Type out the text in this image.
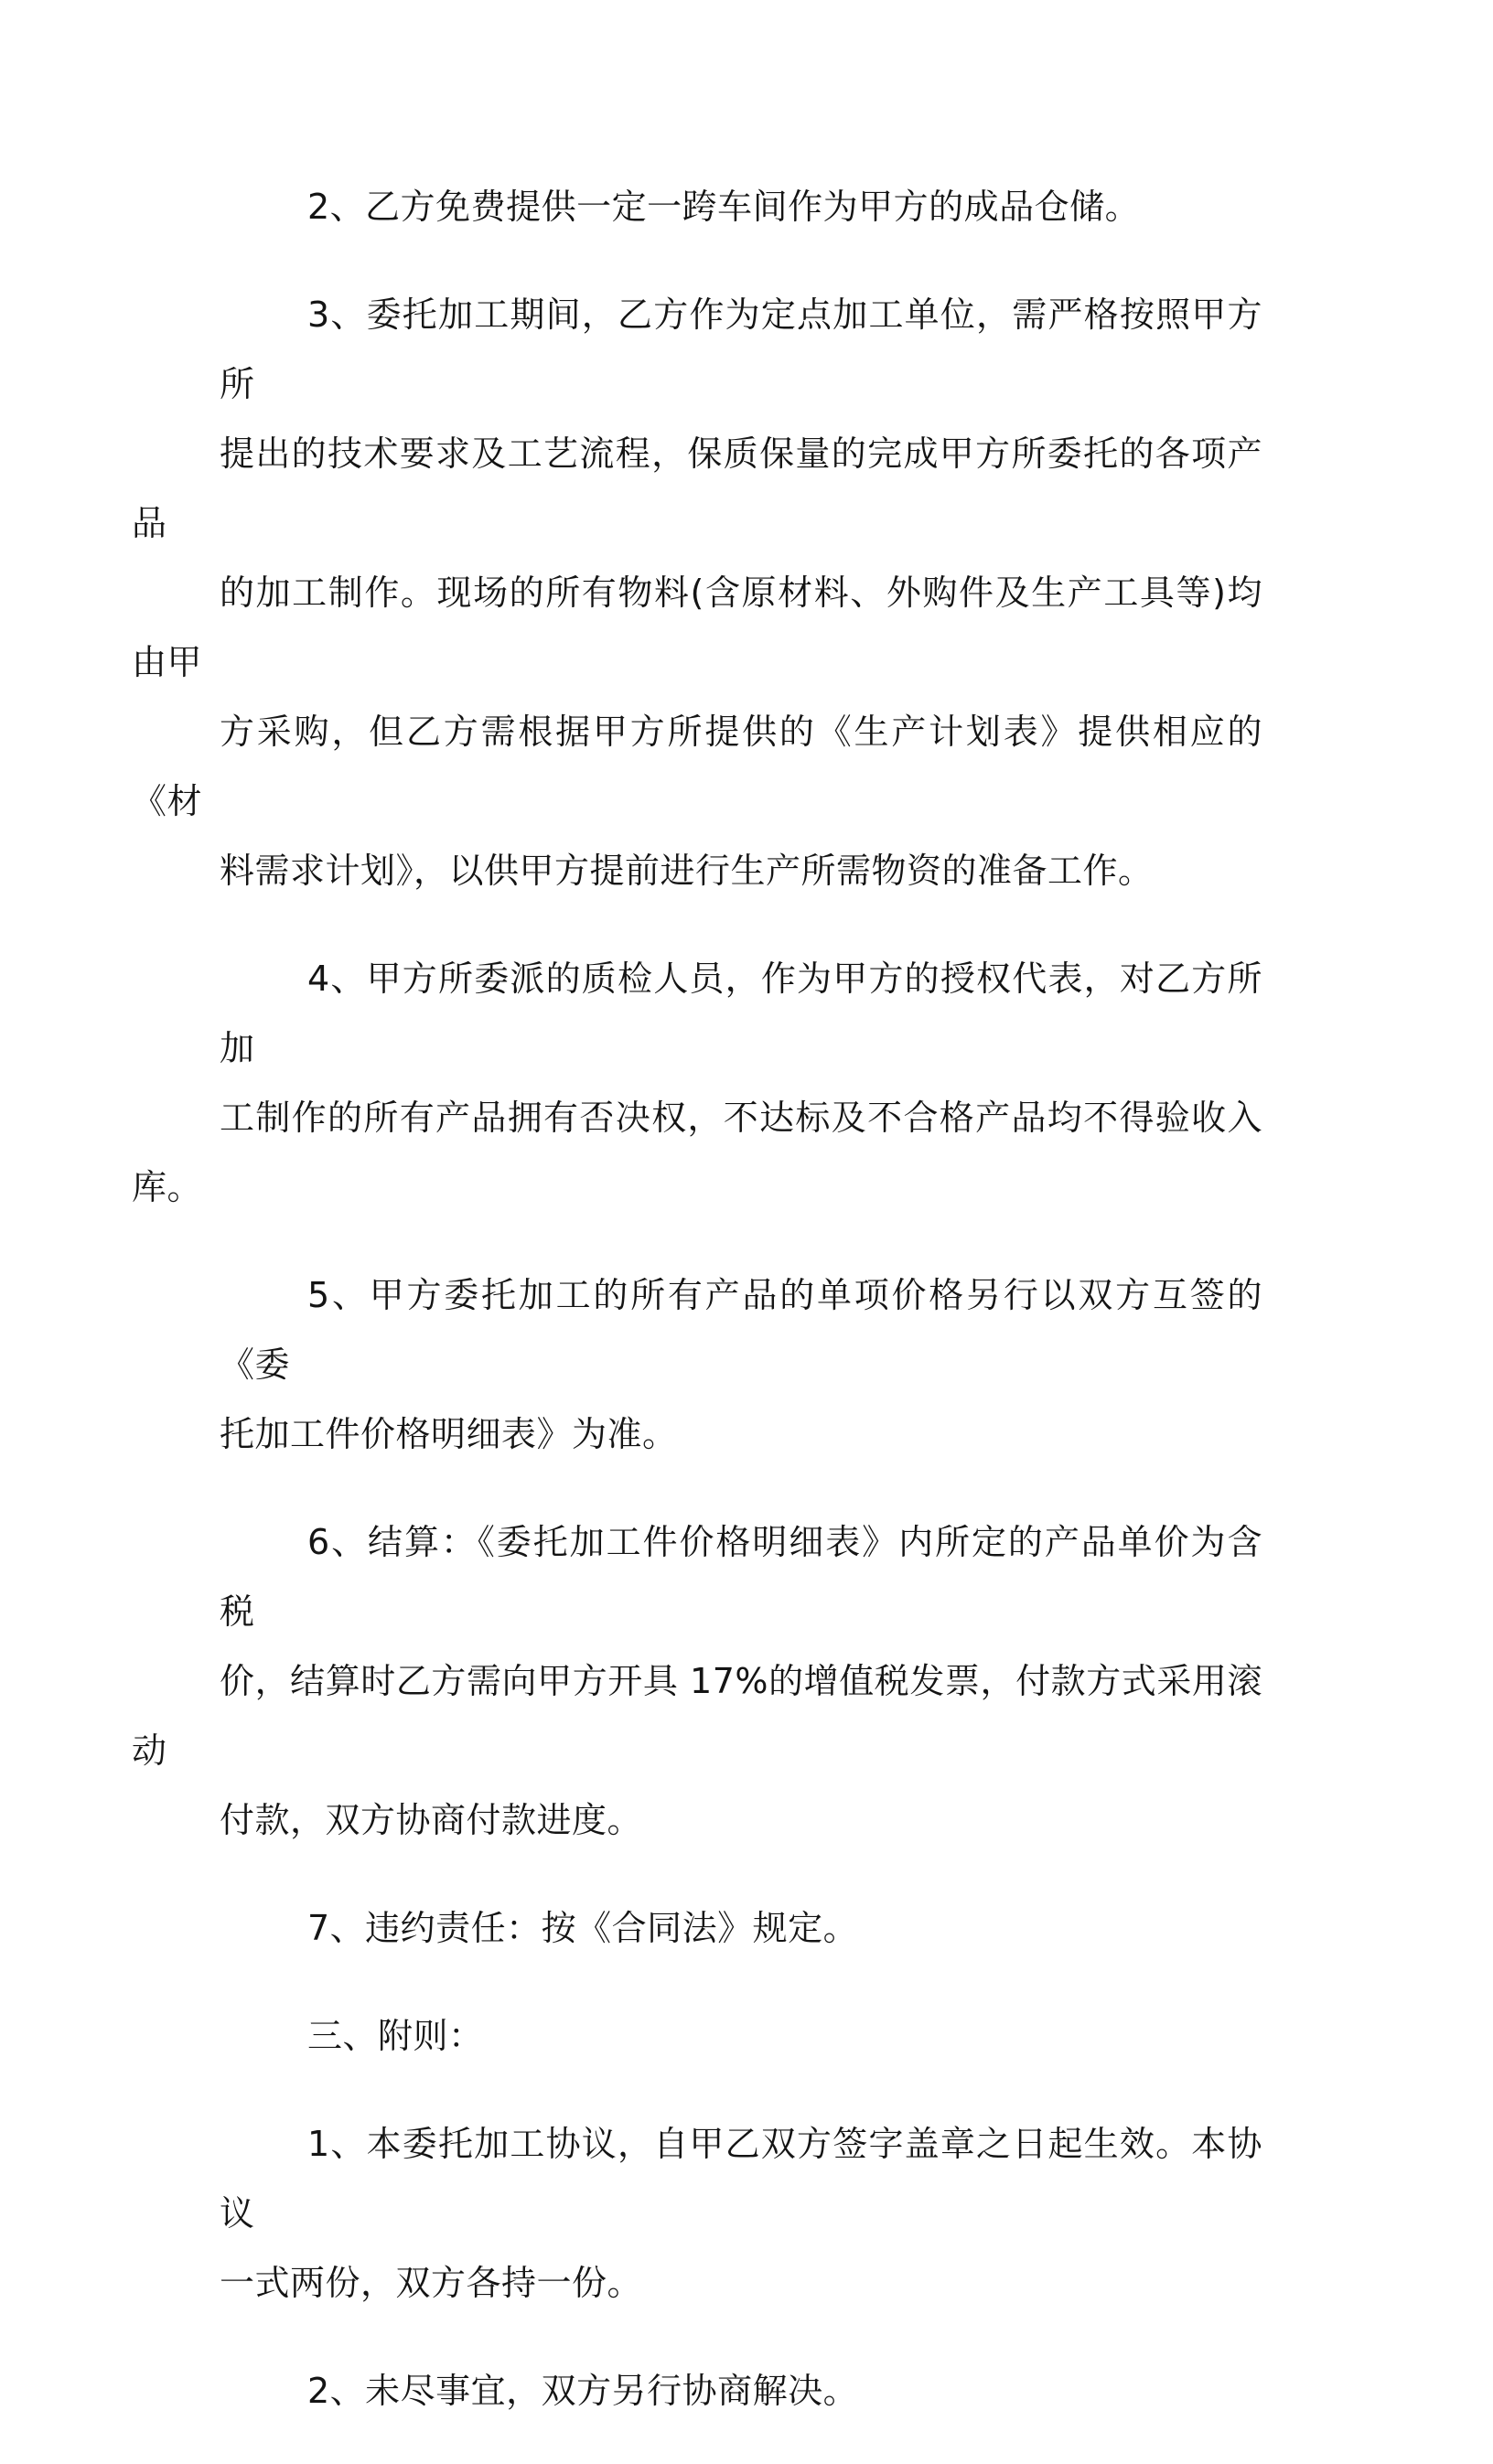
2、乙方免费提供一定一跨车间作为甲方的成品仓储。

3、委托加工期间，乙方作为定点加工单位，需严格按照甲方所
提出的技术要求及工艺流程，保质保量的完成甲方所委托的各项产品
的加工制作。现场的所有物料(含原材料、外购件及生产工具等)均由甲
方采购，但乙方需根据甲方所提供的《生产计划表》提供相应的《材
料需求计划》，以供甲方提前进行生产所需物资的准备工作。

4、甲方所委派的质检人员，作为甲方的授权代表，对乙方所加
工制作的所有产品拥有否决权，不达标及不合格产品均不得验收入库。

5、甲方委托加工的所有产品的单项价格另行以双方互签的《委
托加工件价格明细表》为准。

6、结算：《委托加工件价格明细表》内所定的产品单价为含税
价，结算时乙方需向甲方开具 17%的增值税发票，付款方式采用滚动
付款，双方协商付款进度。

7、违约责任：按《合同法》规定。

三、附则：

1、本委托加工协议，自甲乙双方签字盖章之日起生效。本协议
一式两份，双方各持一份。

2、未尽事宜，双方另行协商解决。
